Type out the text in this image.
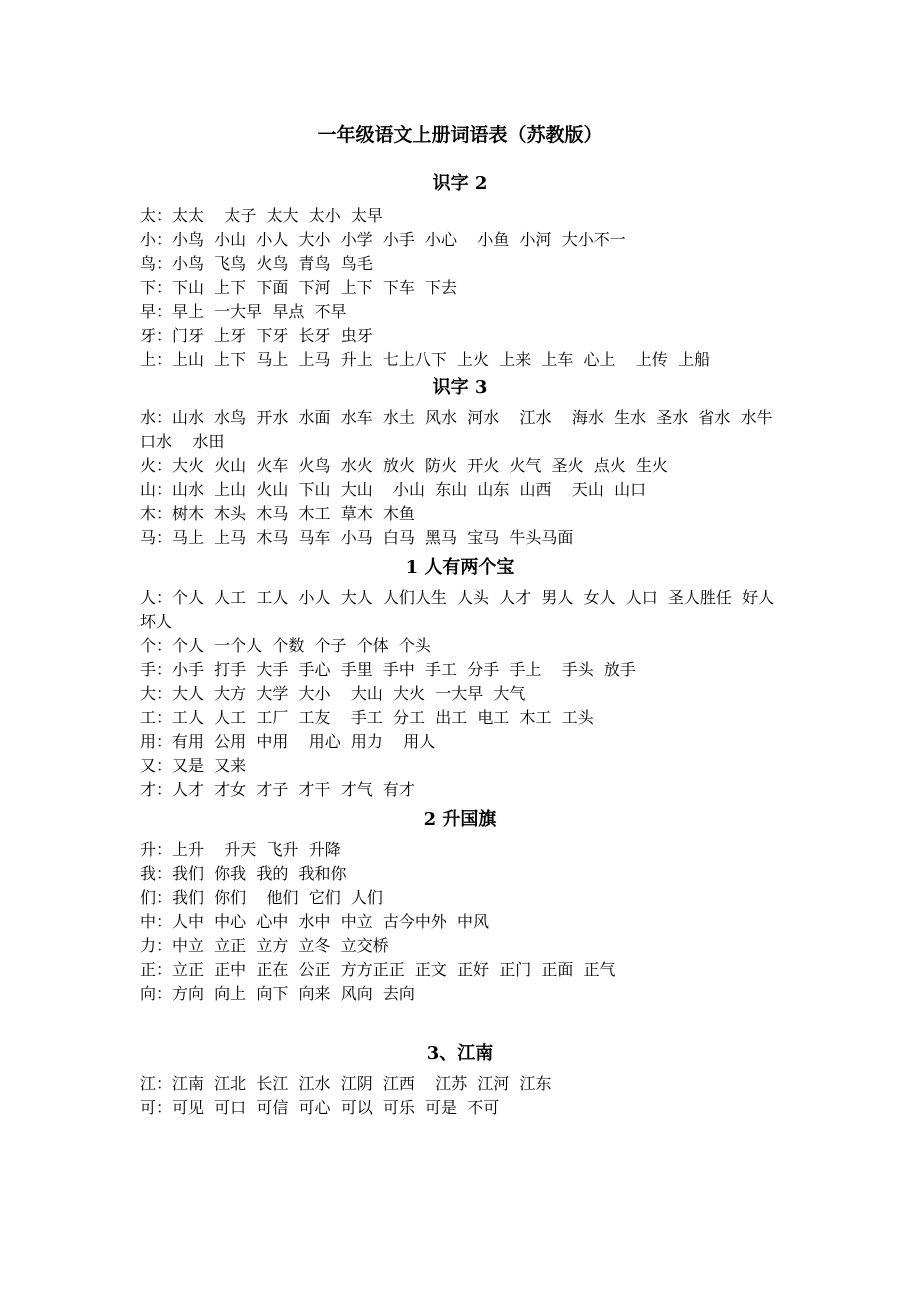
一年级语文上册词语表（苏教版）
识字 2
太：太太    太子  太大  太小  太早
小：小鸟  小山  小人  大小  小学  小手  小心    小鱼  小河  大小不一
鸟：小鸟  飞鸟  火鸟  青鸟  鸟毛
下：下山  上下  下面  下河  上下  下车  下去
早：早上  一大早  早点  不早
牙：门牙  上牙  下牙  长牙  虫牙
上：上山  上下  马上  上马  升上  七上八下  上火  上来  上车  心上    上传  上船
识字 3
水：山水  水鸟  开水  水面  水车  水土  风水  河水    江水    海水  生水  圣水  省水  水牛  口水    水田
火：大火  火山  火车  火鸟  水火  放火  防火  开火  火气  圣火  点火  生火
山：山水  上山  火山  下山  大山    小山  东山  山东  山西    天山  山口
木：树木  木头  木马  木工  草木  木鱼
马：马上  上马  木马  马车  小马  白马  黑马  宝马  牛头马面
1 人有两个宝
人：个人  人工  工人  小人  大人  人们人生  人头  人才  男人  女人  人口  圣人胜任  好人  坏人
个：个人  一个人  个数  个子  个体  个头
手：小手  打手  大手  手心  手里  手中  手工  分手  手上    手头  放手
大：大人  大方  大学  大小    大山  大火  一大早  大气
工：工人  人工  工厂  工友    手工  分工  出工  电工  木工  工头
用：有用  公用  中用    用心  用力    用人
又：又是  又来
才：人才  才女  才子  才干  才气  有才
2 升国旗
升：上升    升天  飞升  升降
我：我们  你我  我的  我和你
们：我们  你们    他们  它们  人们
中：人中  中心  心中  水中  中立  古今中外  中风
力：中立  立正  立方  立冬  立交桥
正：立正  正中  正在  公正  方方正正  正文  正好  正门  正面  正气
向：方向  向上  向下  向来  风向  去向
3、江南
江：江南  江北  长江  江水  江阴  江西    江苏  江河  江东
可：可见  可口  可信  可心  可以  可乐  可是  不可
